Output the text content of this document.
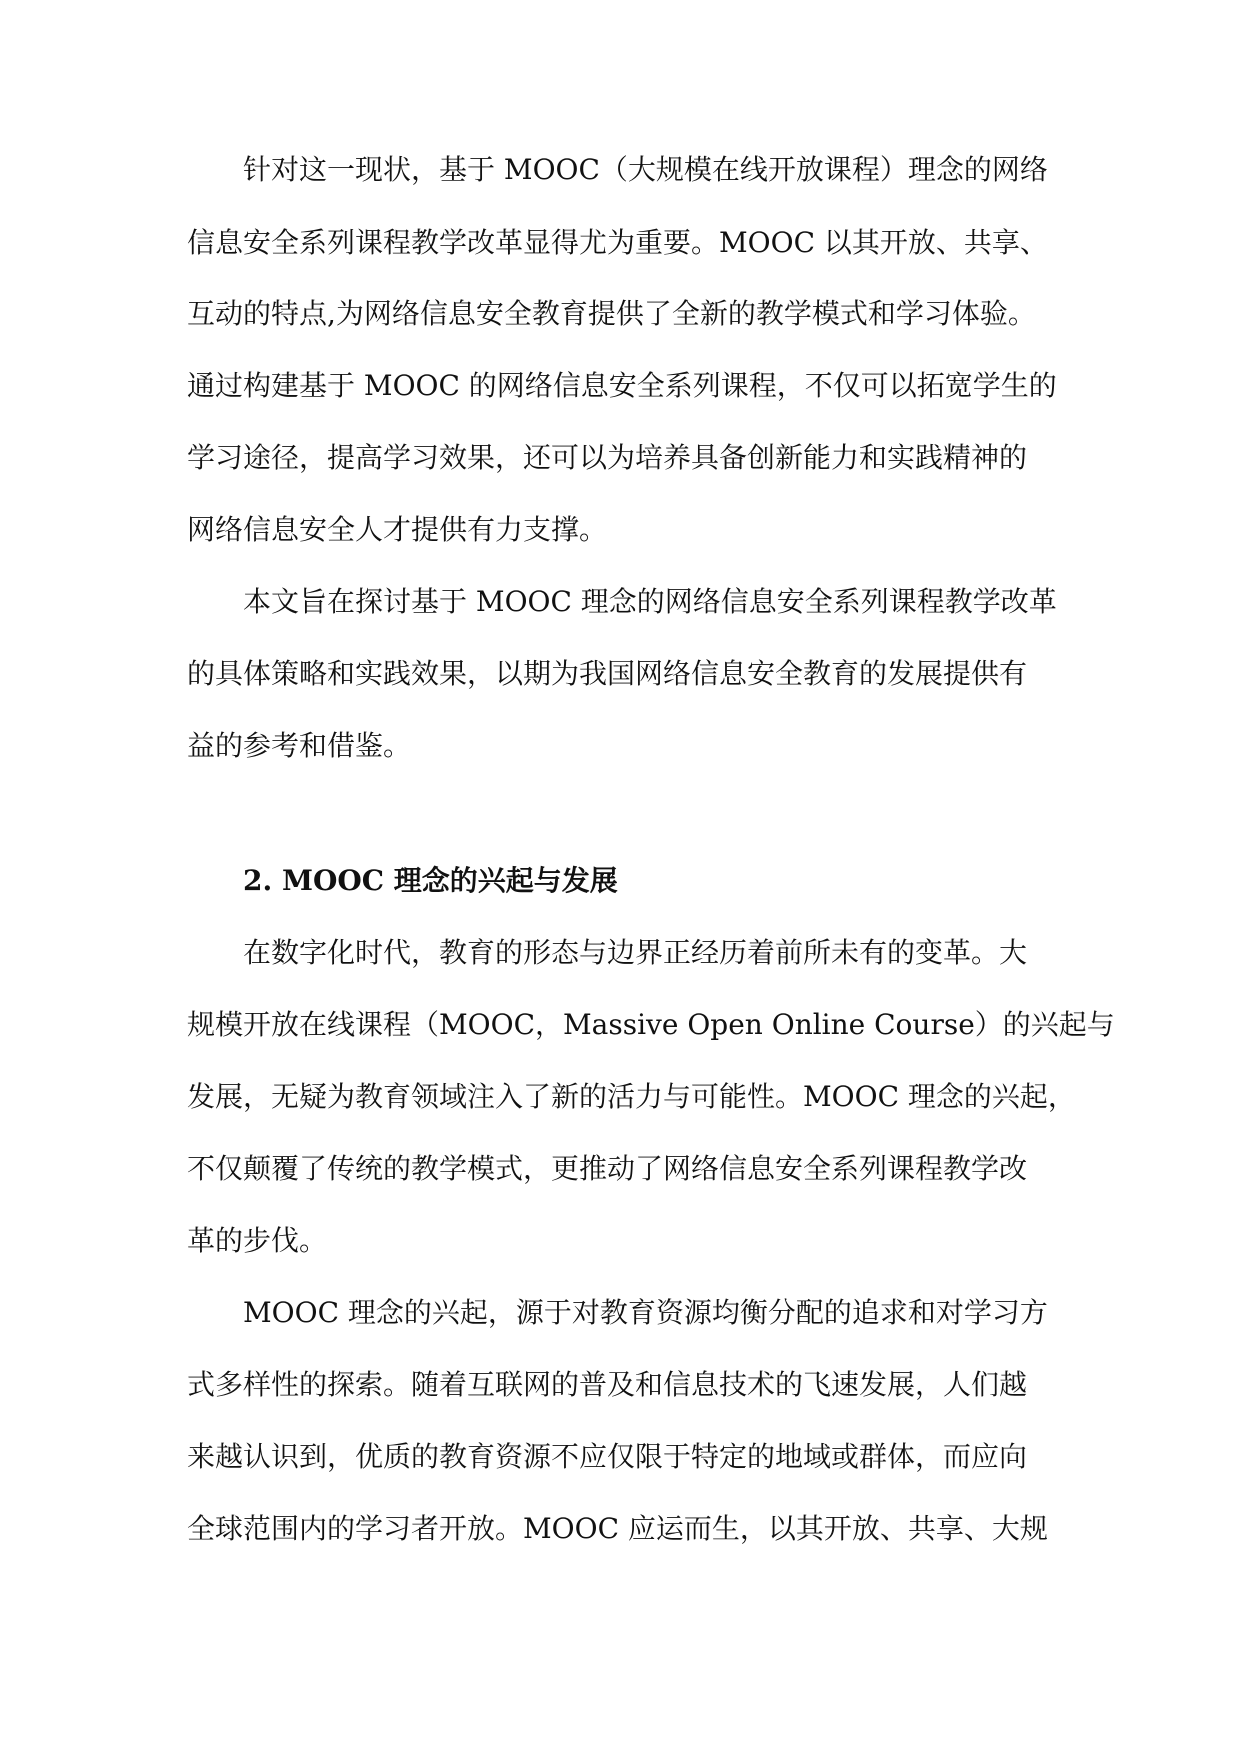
针对这一现状，基于 MOOC（大规模在线开放课程）理念的网络
信息安全系列课程教学改革显得尤为重要。MOOC 以其开放、共享、
互动的特点,为网络信息安全教育提供了全新的教学模式和学习体验。
通过构建基于 MOOC 的网络信息安全系列课程，不仅可以拓宽学生的
学习途径，提高学习效果，还可以为培养具备创新能力和实践精神的
网络信息安全人才提供有力支撑。
本文旨在探讨基于 MOOC 理念的网络信息安全系列课程教学改革
的具体策略和实践效果，以期为我国网络信息安全教育的发展提供有
益的参考和借鉴。
2. MOOC 理念的兴起与发展
在数字化时代，教育的形态与边界正经历着前所未有的变革。大
规模开放在线课程（MOOC，Massive Open Online Course）的兴起与
发展，无疑为教育领域注入了新的活力与可能性。MOOC 理念的兴起，
不仅颠覆了传统的教学模式，更推动了网络信息安全系列课程教学改
革的步伐。
MOOC 理念的兴起，源于对教育资源均衡分配的追求和对学习方
式多样性的探索。随着互联网的普及和信息技术的飞速发展，人们越
来越认识到，优质的教育资源不应仅限于特定的地域或群体，而应向
全球范围内的学习者开放。MOOC 应运而生，以其开放、共享、大规
